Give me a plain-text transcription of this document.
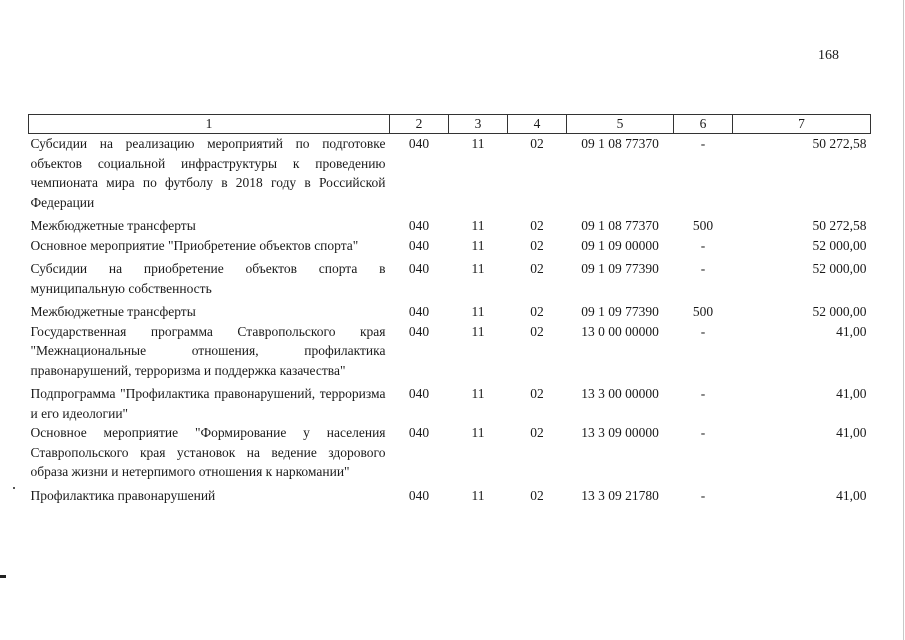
168
1	2	3	4	5	6	7
Субсидии на реализацию мероприятий по подготовке объектов социальной инфраструктуры к проведению чемпионата мира по футболу в 2018 году в Российской Федерации	040	11	02	09 1 08 77370	-	50 272,58
Межбюджетные трансферты	040	11	02	09 1 08 77370	500	50 272,58
Основное мероприятие "Приобретение объектов спорта"	040	11	02	09 1 09 00000	-	52 000,00
Субсидии на приобретение объектов спорта в муниципальную собственность	040	11	02	09 1 09 77390	-	52 000,00
Межбюджетные трансферты	040	11	02	09 1 09 77390	500	52 000,00
Государственная программа Ставропольского края "Межнациональные отношения, профилактика правонарушений, терроризма и поддержка казачества"	040	11	02	13 0 00 00000	-	41,00
Подпрограмма "Профилактика правонарушений, терроризма и его идеологии"	040	11	02	13 3 00 00000	-	41,00
Основное мероприятие "Формирование у населения Ставропольского края установок на ведение здорового образа жизни и нетерпимого отношения к наркомании"	040	11	02	13 3 09 00000	-	41,00
Профилактика правонарушений	040	11	02	13 3 09 21780	-	41,00
